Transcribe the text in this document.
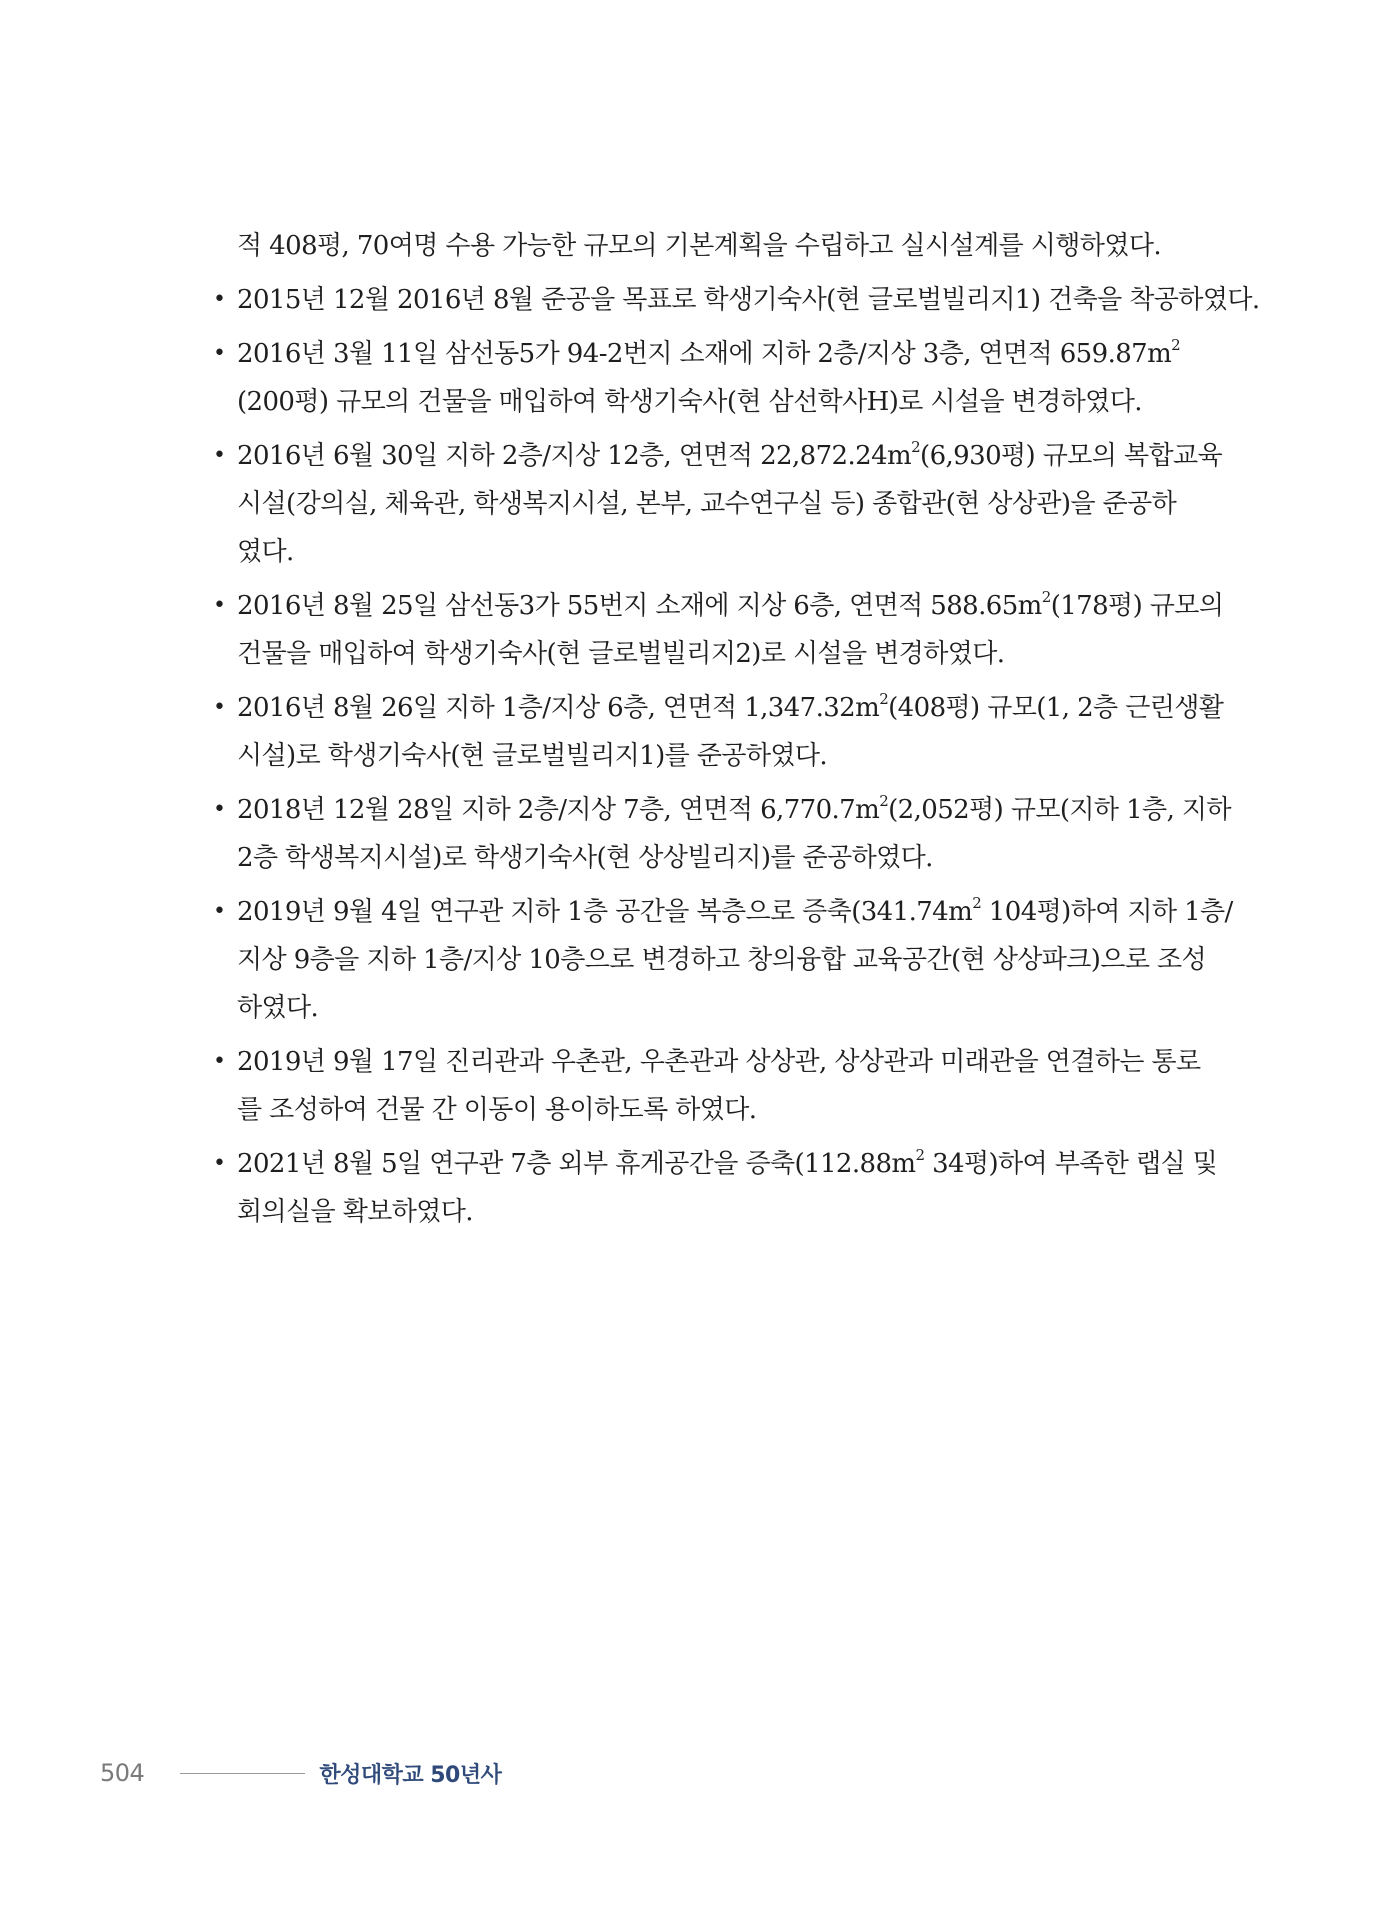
적 408평, 70여명 수용 가능한 규모의 기본계획을 수립하고 실시설계를 시행하였다.

• 2015년 12월 2016년 8월 준공을 목표로 학생기숙사(현 글로벌빌리지1) 건축을 착공하였다.
• 2016년 3월 11일 삼선동5가 94-2번지 소재에 지하 2층/지상 3층, 연면적 $659.87m^2$
(200평) 규모의 건물을 매입하여 학생기숙사(현 삼선학사H)로 시설을 변경하였다.
• 2016년 6월 30일 지하 2층/지상 12층, 연면적 $22,872.24m^2(6,930$평) 규모의 복합교육
시설(강의실, 체육관, 학생복지시설, 본부, 교수연구실 등) 종합관(현 상상관)을 준공하
였다.
• 2016년 8월 25일 삼선동3가 55번지 소재에 지상 6층, 연면적 $588.65m^2(178$평) 규모의
건물을 매입하여 학생기숙사(현 글로벌빌리지2)로 시설을 변경하였다.
• 2016년 8월 26일 지하 1층/지상 6층, 연면적 $1,347.32m^2(408$평) 규모(1, 2층 근린생활
시설)로 학생기숙사(현 글로벌빌리지1)를 준공하였다.
• 2018년 12월 28일 지하 2층/지상 7층, 연면적 $6,770.7m^2(2,052$평) 규모(지하 1층, 지하
2층 학생복지시설)로 학생기숙사(현 상상빌리지)를 준공하였다.
• 2019년 9월 4일 연구관 지하 1층 공간을 복층으로 증축($341.74m^2$ 104평)하여 지하 1층/
지상 9층을 지하 1층/지상 10층으로 변경하고 창의융합 교육공간(현 상상파크)으로 조성
하였다.
• 2019년 9월 17일 진리관과 우촌관, 우촌관과 상상관, 상상관과 미래관을 연결하는 통로
를 조성하여 건물 간 이동이 용이하도록 하였다.
• 2021년 8월 5일 연구관 7층 외부 휴게공간을 증축($112.88m^2$ 34평)하여 부족한 랩실 및
회의실을 확보하였다.
504	한성대학교 50년사
